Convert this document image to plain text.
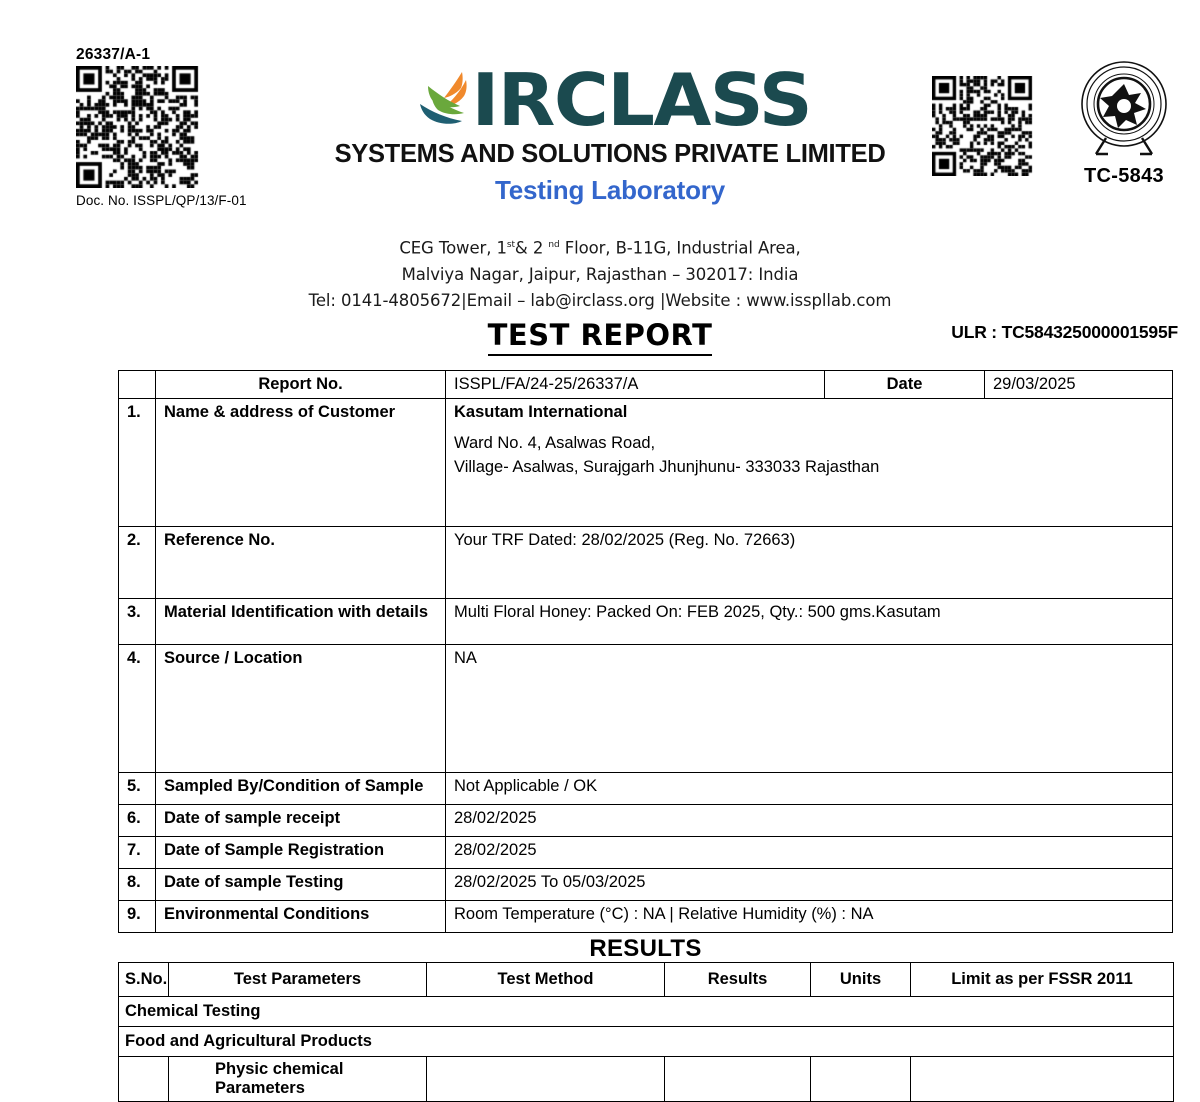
26337/A-1
Doc. No. ISSPL/QP/13/F-01
IRCLASS
SYSTEMS AND SOLUTIONS PRIVATE LIMITED
Testing Laboratory	TC-5843
CEG Tower, 1st& 2 $^{nd}$ Floor, B-11G, Industrial Area,
Malviya Nagar, Jaipur, Rajasthan – 302017: India
Tel: 0141-4805672|Email – lab@irclass.org |Website : www.isspllab.com
TEST REPORT	ULR : TC584325000001595F
	Report No.	ISSPL/FA/24-25/26337/A	Date	29/03/2025
1.	Name & address of Customer	Kasutam International
Ward No. 4, Asalwas Road,
Village- Asalwas, Surajgarh Jhunjhunu- 333033 Rajasthan		

2.	Reference No.	Your TRF Dated: 28/02/2025 (Reg. No. 72663)		
3.	Material Identification with details	Multi Floral Honey: Packed On: FEB 2025, Qty.: 500 gms.Kasutam		
4.	Source / Location	NA		
5.	Sampled By/Condition of Sample	Not Applicable / OK		
6.	Date of sample receipt	28/02/2025		
7.	Date of Sample Registration	28/02/2025		
8.	Date of sample Testing	28/02/2025 To 05/03/2025		
9.	Environmental Conditions	Room Temperature (°C) : NA | Relative Humidity (%) : NA		
RESULTS
S.No.	Test Parameters	Test Method	Results	Units	Limit as per FSSR 2011
Chemical Testing					
Food and Agricultural Products					
	Physic chemical Parameters				
